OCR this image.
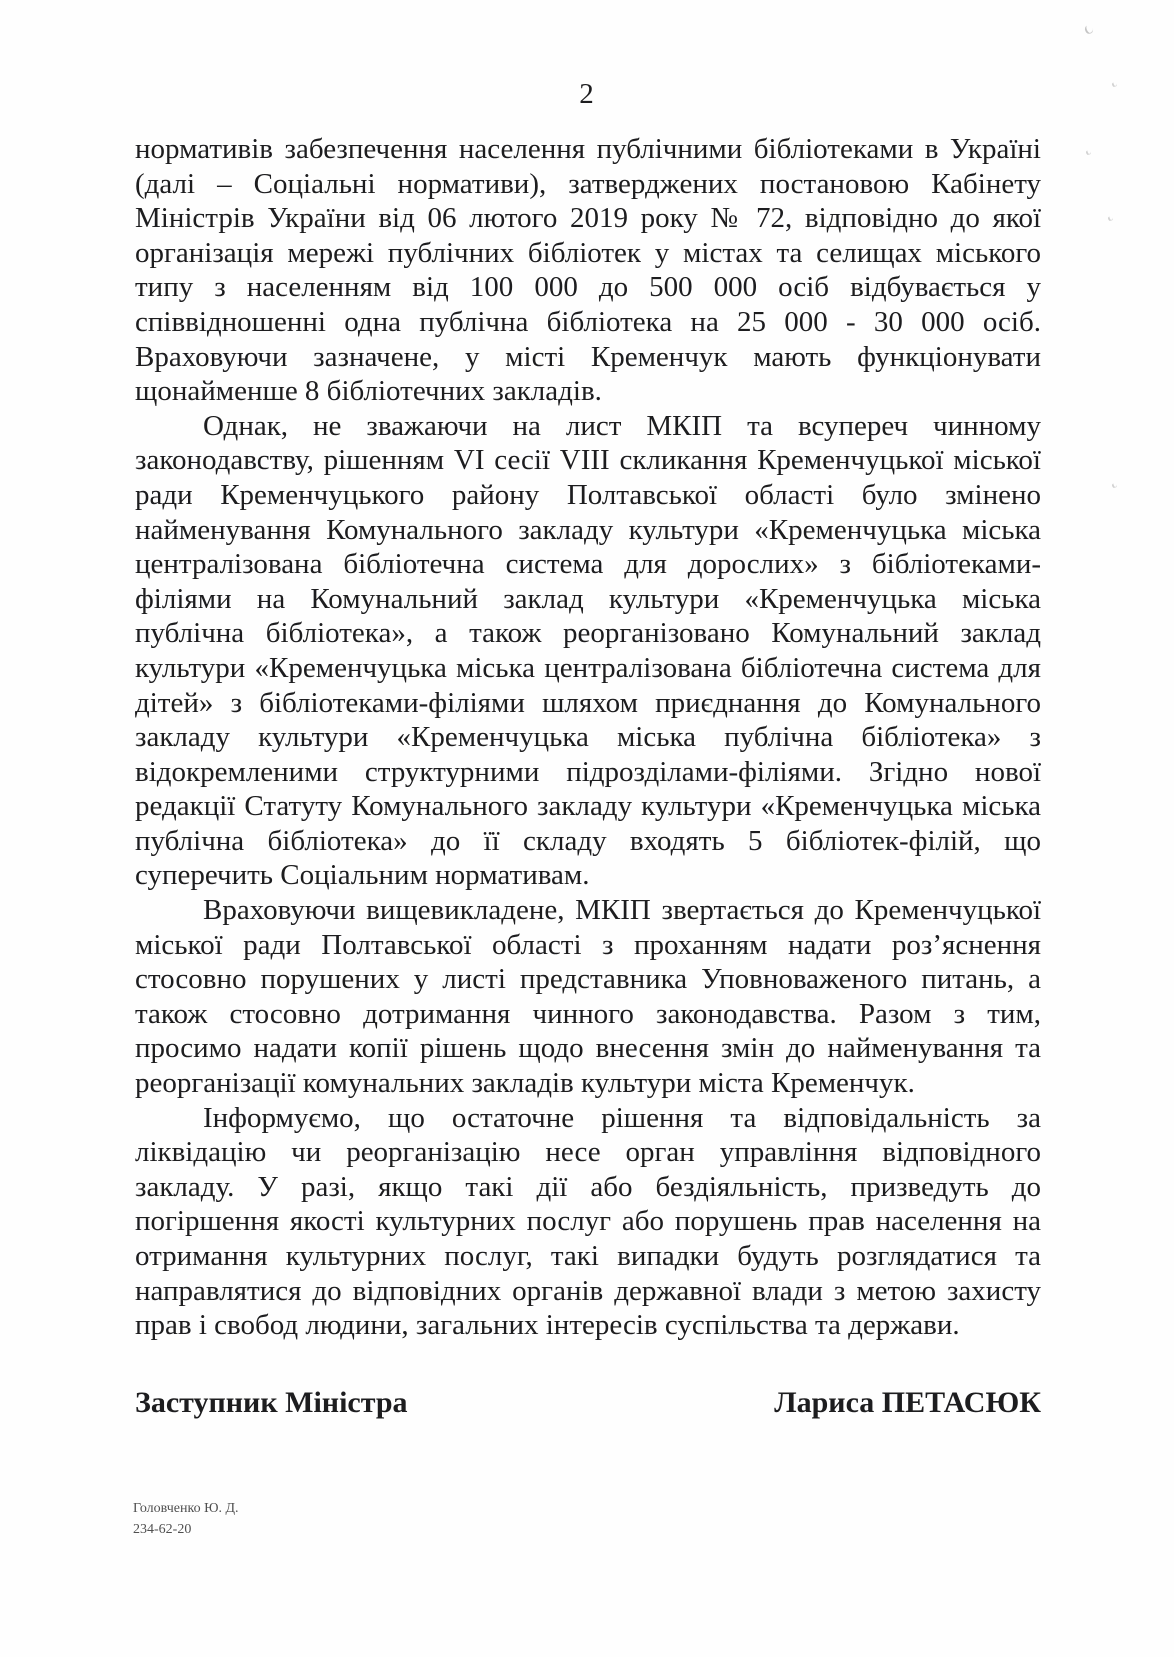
2

нормативів забезпечення населення публічними бібліотеками в Україні (далі – Соціальні нормативи), затверджених постановою Кабінету Міністрів України від 06 лютого 2019 року № 72, відповідно до якої організація мережі публічних бібліотек у містах та селищах міського типу з населенням від 100 000 до 500 000 осіб відбувається у співвідношенні одна публічна бібліотека на 25 000 - 30 000 осіб. Враховуючи зазначене, у місті Кременчук мають функціонувати щонайменше 8 бібліотечних закладів.

Однак, не зважаючи на лист МКІП та всупереч чинному законодавству, рішенням VI сесії VIII скликання Кременчуцької міської ради Кременчуцького району Полтавської області було змінено найменування Комунального закладу культури «Кременчуцька міська централізована бібліотечна система для дорослих» з бібліотеками-філіями на Комунальний заклад культури «Кременчуцька міська публічна бібліотека», а також реорганізовано Комунальний заклад культури «Кременчуцька міська централізована бібліотечна система для дітей» з бібліотеками-філіями шляхом приєднання до Комунального закладу культури «Кременчуцька міська публічна бібліотека» з відокремленими структурними підрозділами-філіями. Згідно нової редакції Статуту Комунального закладу культури «Кременчуцька міська публічна бібліотека» до її складу входять 5 бібліотек-філій, що суперечить Соціальним нормативам.

Враховуючи вищевикладене, МКІП звертається до Кременчуцької міської ради Полтавської області з проханням надати роз’яснення стосовно порушених у листі представника Уповноваженого питань, а також стосовно дотримання чинного законодавства. Разом з тим, просимо надати копії рішень щодо внесення змін до найменування та реорганізації комунальних закладів культури міста Кременчук.

Інформуємо, що остаточне рішення та відповідальність за ліквідацію чи реорганізацію несе орган управління відповідного закладу. У разі, якщо такі дії або бездіяльність, призведуть до погіршення якості культурних послуг або порушень прав населення на отримання культурних послуг, такі випадки будуть розглядатися та направлятися до відповідних органів державної влади з метою захисту прав і свобод людини, загальних інтересів суспільства та держави.

Заступник Міністра	Лариса ПЕТАСЮК
Головченко Ю. Д.
234-62-20
